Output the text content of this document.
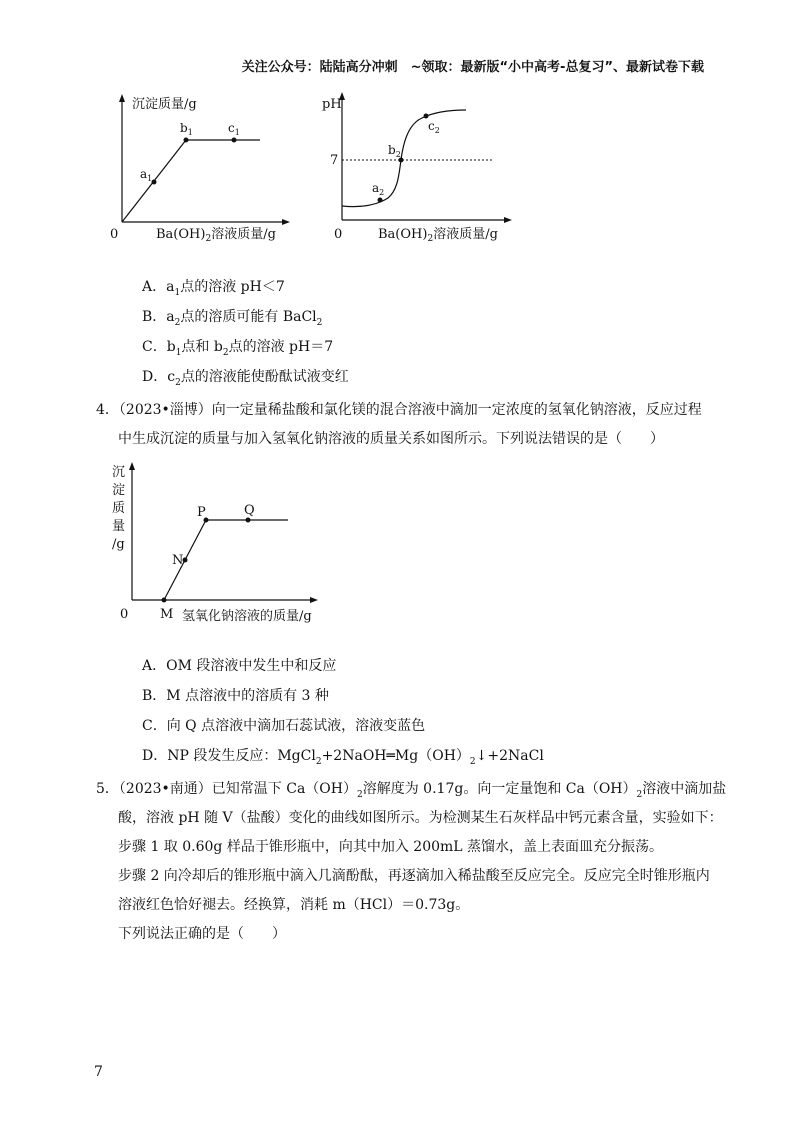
关注公众号：陆陆高分冲刺　~领取：最新版“小中高考-总复习”、最新试卷下载
沉淀质量/g
0	$Ba(OH)_2$溶液质量/g
$a_1$
$b_1$	$c_1$
pH
7
0	$Ba(OH)_2$溶液质量/g
$a_2$
$b_2$
$c_2$
A．$a_1$点的溶液 pH＜7
B．$a_2$点的溶质可能有 BaCl$_2$
C．$b_1$点和 $b_2$点的溶液 pH＝7
D．$c_2$点的溶液能使酚酞试液变红
4．（2023•淄博）向一定量稀盐酸和氯化镁的混合溶液中滴加一定浓度的氢氧化钠溶液，反应过程
中生成沉淀的质量与加入氢氧化钠溶液的质量关系如图所示。下列说法错误的是（　　）
沉
淀
质
量
/g
0 M
N
P	Q
氢氧化钠溶液的质量/g
A．OM 段溶液中发生中和反应
B．M 点溶液中的溶质有 3 种
C．向 Q 点溶液中滴加石蕊试液，溶液变蓝色
D．NP 段发生反应：$MgCl_2+2NaOH═Mg(OH)_2↓+2NaCl$
5．（2023•南通）已知常温下 $Ca(OH)_2$溶解度为 0.17g。向一定量饱和 $Ca(OH)_2$溶液中滴加盐
酸，溶液 pH 随 V（盐酸）变化的曲线如图所示。为检测某生石灰样品中钙元素含量，实验如下：
步骤 1 取 0.60g 样品于锥形瓶中，向其中加入 200mL 蒸馏水，盖上表面皿充分振荡。
步骤 2 向冷却后的锥形瓶中滴入几滴酚酞，再逐滴加入稀盐酸至反应完全。反应完全时锥形瓶内
溶液红色恰好褪去。经换算，消耗 m（HCl）＝0.73g。
下列说法正确的是（　　）
7
